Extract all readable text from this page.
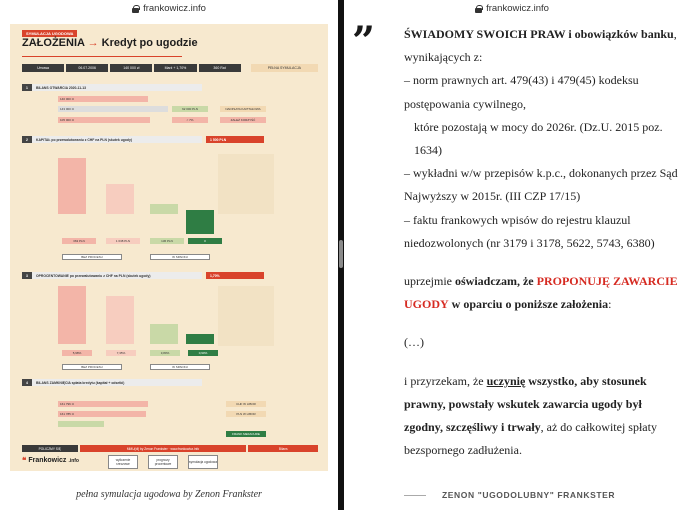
frankowicz.info
SYMULACJA UGODOWA
ZAŁOŻENIA → Kredyt po ugodzie
Umowa	06.07.2006	140 000 zł	Marż + 1,70%	360 Rat	PEŁNA SYMULACJA
1	BILANS OTWARCIA 2020-11-13
140 000 zł
143 000 zł
105 000 zł
62 000 PLN
< 7%
NADPŁATA KAPITAŁOWA
ZALEŻ KORZYŚĆ
2	KAPITAŁ po przewalutowaniu z CHF na PLN (skutek ugody)	1 500 PLN
363 PLN	1 638 PLN	136 PLN	0
BEZ PROCESU	W SPADKU
3	OPROCENTOWANIE po przewalutowaniu z CHF na PLN (skutek ugody)	1,70%
5,98%	7,35%	3,80%	0,90%
BEZ PROCESU	W SPADKU
4	BILANS ZAMKNIĘCIA spłata kredytu (kapitał + odsetki)
161 796 zł
161 785 zł
CHF W LIBOR
PLN W LIBOR
FRANK MEFACURE
POLICZMY SIĘ	MMU(dl) by Zenon Frankster · www.frankowicz.info	Bilans
❝ Frankowicz .info	wyliczenie rzeczowe
prognozy procentowe	symulacja ugodowa
pełna symulacja ugodowa by Zenon Frankster
frankowicz.info
”	ŚWIADOMY SWOICH PRAW i obowiązków banku, wynikających z:

– norm prawnych art. 479(43) i 479(45) kodeksu postępowania cywilnego,

które pozostają w mocy do 2026r. (Dz.U. 2015 poz. 1634)

– wykładni w/w przepisów k.p.c., dokonanych przez Sąd Najwyższy w 2015r. (III CZP 17/15)

– faktu frankowych wpisów do rejestru klauzul niedozwolonych (nr 3179 i 3178, 5622, 5743, 6380)

uprzejmie oświadczam, że PROPONUJĘ ZAWARCIE UGODY w oparciu o poniższe założenia:

(…)

i przyrzekam, że uczynię wszystko, aby stosunek prawny, powstały wskutek zawarcia ugody był zgodny, szczęśliwy i trwały, aż do całkowitej spłaty bezspornego zadłużenia.

ZENON "UGODOLUBNY" FRANKSTER
